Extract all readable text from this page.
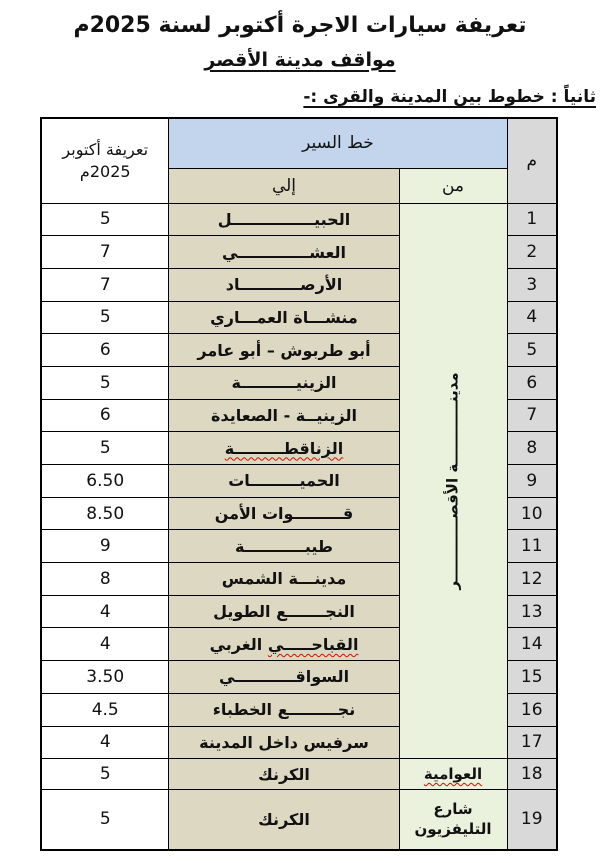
تعريفة سيارات الاجرة أكتوبر لسنة 2025م
مواقف مدينة الأقصر
ثانياً : خطوط بين المدينة والقرى :-
م	خط السير		تعريفة أكتوبر
2025م

	من	إلي	
1	مدينــــــــــــة الأقصــــــــــــر	الحبيـــــــــــــــل	5
2		العشـــــــــــــي	7
3		الأرصـــــــــــاد	7
4		منشـــاة العمـــاري	5
5		أبو طربوش – أبو عامر	6
6		الزينيــــــــــة	5
7		الزينيــة - الصعايدة	6
8		الزناقطـــــــــة	5
9		الحميـــــــــات	6.50
10		قـــــــــوات الأمن	8.50
11		طيبـــــــــــة	9
12		مدينـــة الشمس	8
13		النجـــــــع الطويل	4
14		القباحـــــي الغربي	4
15		السواقـــــــــــي	3.50
16		نجـــــــــع الخطباء	4.5
17		سرفيس داخل المدينة	4
18	العوامية	الكرنك	5
19	شارع التليفزيون	الكرنك	5
